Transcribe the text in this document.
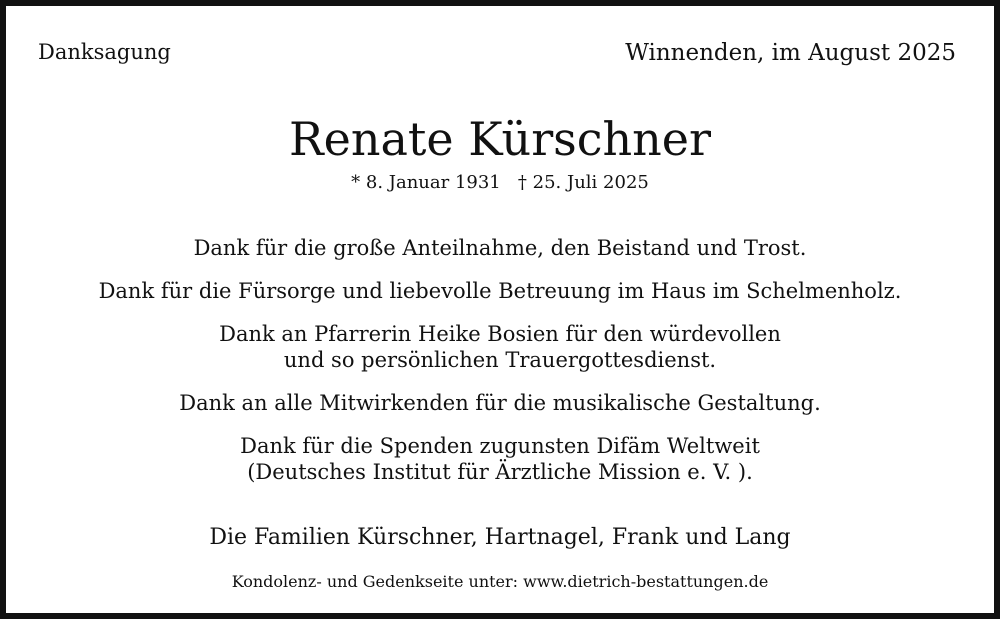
Danksagung	Winnenden, im August 2025
Renate Kürschner
* 8. Januar 1931   † 25. Juli 2025
Dank für die große Anteilnahme, den Beistand und Trost.
Dank für die Fürsorge und liebevolle Betreuung im Haus im Schelmenholz.
Dank an Pfarrerin Heike Bosien für den würdevollen
und so persönlichen Trauergottesdienst.
Dank an alle Mitwirkenden für die musikalische Gestaltung.
Dank für die Spenden zugunsten Difäm Weltweit
(Deutsches Institut für Ärztliche Mission e. V. ).
Die Familien Kürschner, Hartnagel, Frank und Lang
Kondolenz- und Gedenkseite unter: www.dietrich-bestattungen.de
